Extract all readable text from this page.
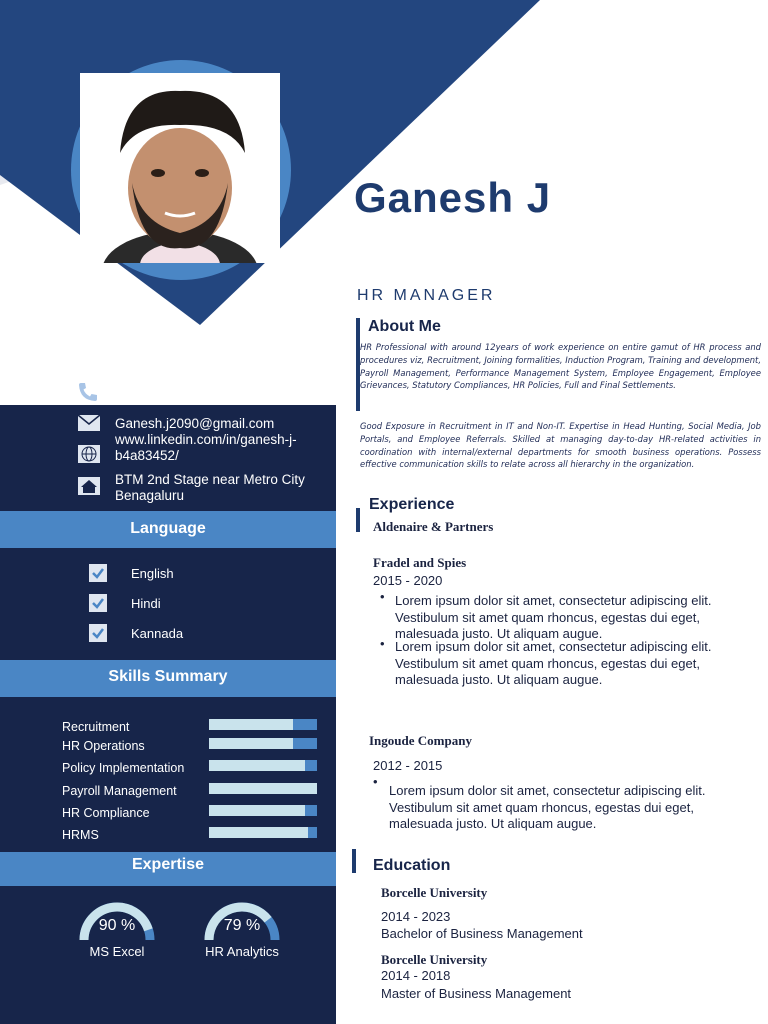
Ganesh J
HR MANAGER
Ganesh.j2090@gmail.com
www.linkedin.com/in/ganesh-j-b4a83452/
BTM 2nd Stage near Metro City Benagaluru
Language
English
Hindi
Kannada
Skills Summary
Recruitment
HR Operations
Policy Implementation
Payroll Management
HR Compliance
HRMS
Expertise
90 %
MS Excel
79 %
HR Analytics
About Me
HR Professional with around 12years of work experience on entire gamut of HR process and procedures viz, Recruitment, Joining formalities, Induction Program, Training and development, Payroll Management, Performance Management System, Employee Engagement, Employee Grievances, Statutory Compliances, HR Policies, Full and Final Settlements.
Good Exposure in Recruitment in IT and Non-IT. Expertise in Head Hunting, Social Media, Job Portals, and Employee Referrals. Skilled at managing day-to-day HR-related activities in coordination with internal/external departments for smooth business operations. Possess effective communication skills to relate across all hierarchy in the organization.
Experience
Aldenaire & Partners
Fradel and Spies
2015 - 2020
• Lorem ipsum dolor sit amet, consectetur adipiscing elit. Vestibulum sit amet quam rhoncus, egestas dui eget, malesuada justo. Ut aliquam augue.
• Lorem ipsum dolor sit amet, consectetur adipiscing elit. Vestibulum sit amet quam rhoncus, egestas dui eget, malesuada justo. Ut aliquam augue.
Ingoude Company
2012 - 2015
•
Lorem ipsum dolor sit amet, consectetur adipiscing elit. Vestibulum sit amet quam rhoncus, egestas dui eget, malesuada justo. Ut aliquam augue.
Education
Borcelle University
2014 - 2023
Bachelor of Business Management
Borcelle University
2014 - 2018
Master of Business Management
